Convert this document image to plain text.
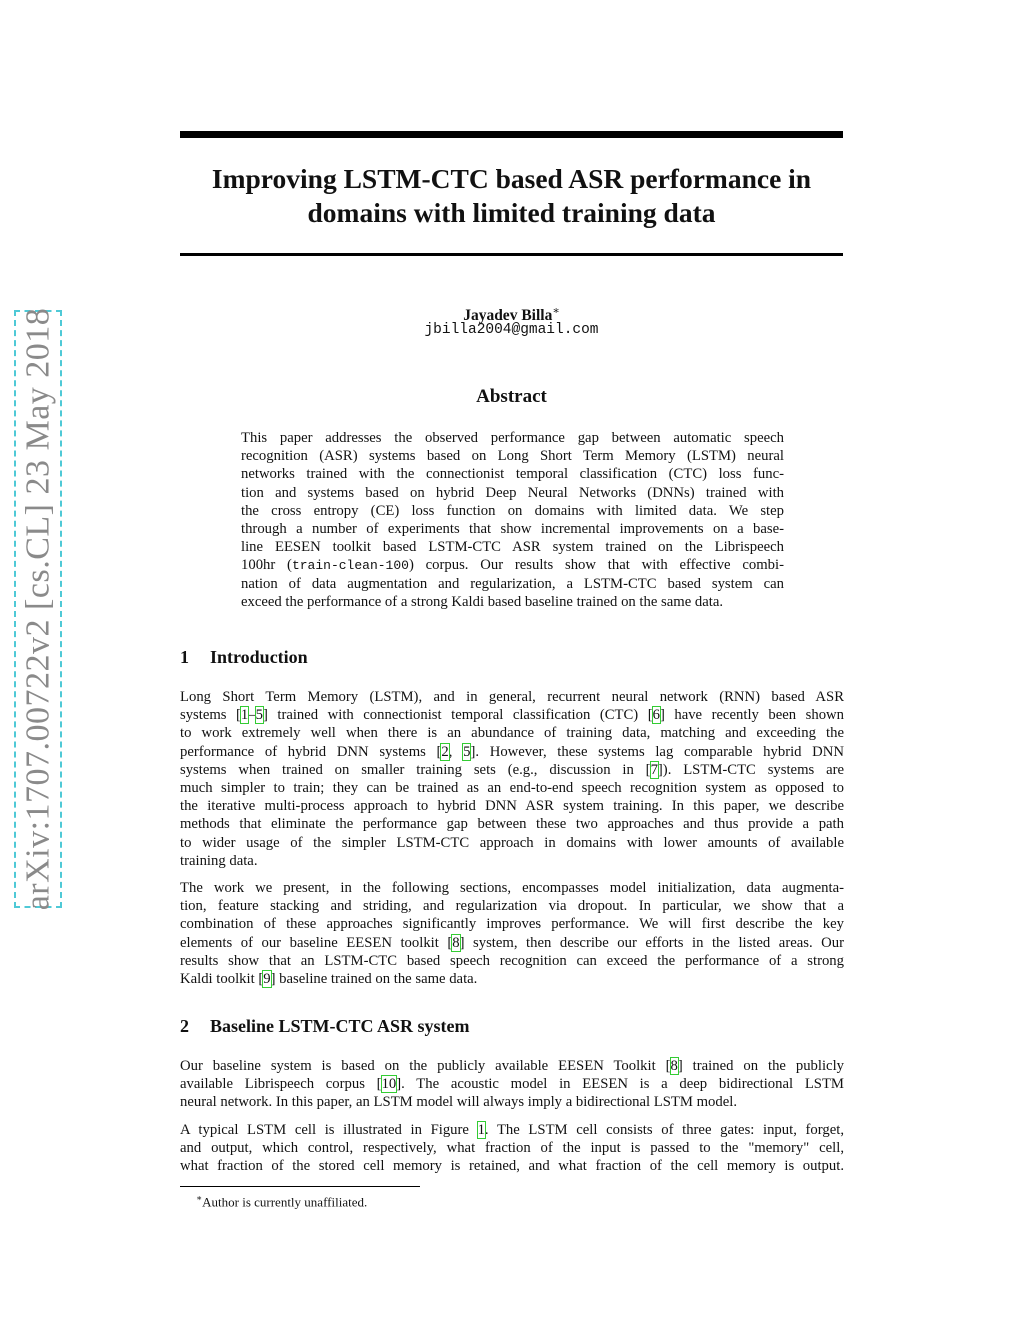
arXiv:1707.00722v2 [cs.CL] 23 May 2018
Improving LSTM-CTC based ASR performance in
domains with limited training data

Jayadev Billa∗

jbilla2004@gmail.com

Abstract
This paper addresses the observed performance gap between automatic speech
recognition (ASR) systems based on Long Short Term Memory (LSTM) neural
networks trained with the connectionist temporal classification (CTC) loss func-
tion and systems based on hybrid Deep Neural Networks (DNNs) trained with
the cross entropy (CE) loss function on domains with limited data. We step
through a number of experiments that show incremental improvements on a base-
line EESEN toolkit based LSTM-CTC ASR system trained on the Librispeech
100hr (train-clean-100) corpus. Our results show that with effective combi-
nation of data augmentation and regularization, a LSTM-CTC based system can
exceed the performance of a strong Kaldi based baseline trained on the same data.
1 Introduction
Long Short Term Memory (LSTM), and in general, recurrent neural network (RNN) based ASR
systems [1–5] trained with connectionist temporal classification (CTC) [6] have recently been shown
to work extremely well when there is an abundance of training data, matching and exceeding the
performance of hybrid DNN systems [2, 5]. However, these systems lag comparable hybrid DNN
systems when trained on smaller training sets (e.g., discussion in [7]). LSTM-CTC systems are
much simpler to train; they can be trained as an end-to-end speech recognition system as opposed to
the iterative multi-process approach to hybrid DNN ASR system training. In this paper, we describe
methods that eliminate the performance gap between these two approaches and thus provide a path
to wider usage of the simpler LSTM-CTC approach in domains with lower amounts of available
training data.
The work we present, in the following sections, encompasses model initialization, data augmenta-
tion, feature stacking and striding, and regularization via dropout. In particular, we show that a
combination of these approaches significantly improves performance. We will first describe the key
elements of our baseline EESEN toolkit [8] system, then describe our efforts in the listed areas. Our
results show that an LSTM-CTC based speech recognition can exceed the performance of a strong
Kaldi toolkit [9] baseline trained on the same data.
2 Baseline LSTM-CTC ASR system
Our baseline system is based on the publicly available EESEN Toolkit [8] trained on the publicly
available Librispeech corpus [10]. The acoustic model in EESEN is a deep bidirectional LSTM
neural network. In this paper, an LSTM model will always imply a bidirectional LSTM model.
A typical LSTM cell is illustrated in Figure 1. The LSTM cell consists of three gates: input, forget,
and output, which control, respectively, what fraction of the input is passed to the "memory" cell,
what fraction of the stored cell memory is retained, and what fraction of the cell memory is output.

∗Author is currently unaffiliated.
